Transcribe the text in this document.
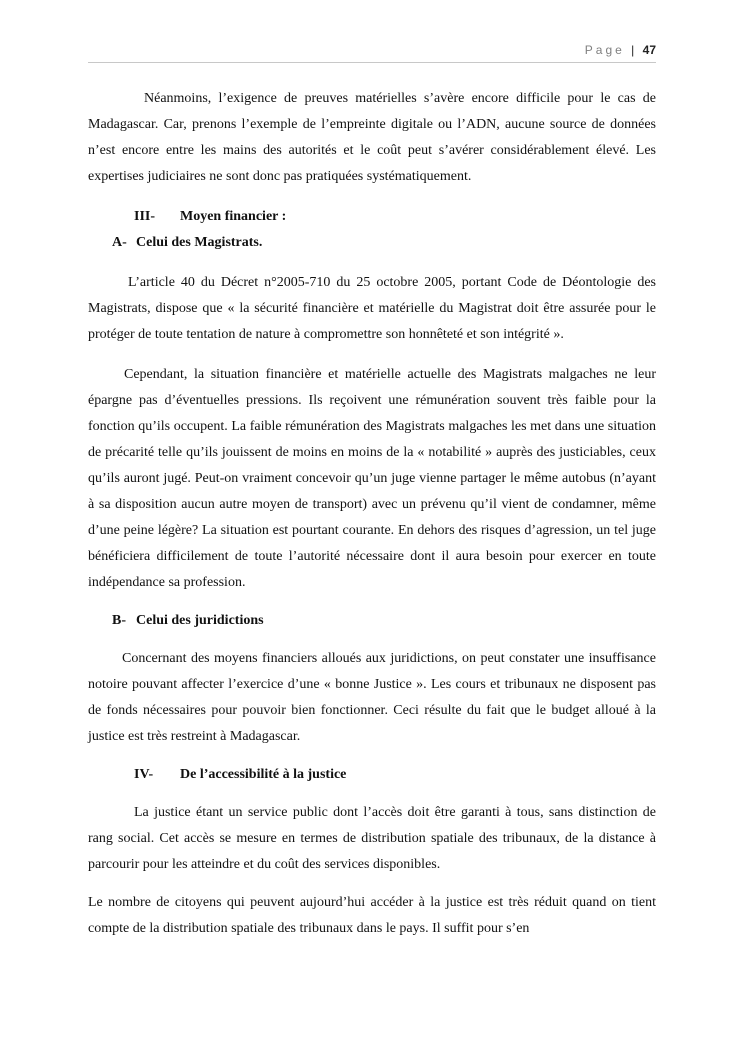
Page | 47

Néanmoins, l’exigence de preuves matérielles s’avère encore difficile pour le cas de Madagascar. Car, prenons l’exemple de l’empreinte digitale ou l’ADN, aucune source de données n’est encore entre les mains des autorités et le coût peut s’avérer considérablement élevé. Les expertises judiciaires ne sont donc pas pratiquées systématiquement.

III- Moyen financier :
A- Celui des Magistrats.

L’article 40 du Décret n°2005-710 du 25 octobre 2005, portant Code de Déontologie des Magistrats, dispose que « la sécurité financière et matérielle du Magistrat doit être assurée pour le protéger de toute tentation de nature à compromettre son honnêteté et son intégrité ».

Cependant, la situation financière et matérielle actuelle des Magistrats malgaches ne leur épargne pas d’éventuelles pressions. Ils reçoivent une rémunération souvent très faible pour la fonction qu’ils occupent. La faible rémunération des Magistrats malgaches les met dans une situation de précarité telle qu’ils jouissent de moins en moins de la « notabilité » auprès des justiciables, ceux qu’ils auront jugé. Peut-on vraiment concevoir qu’un juge vienne partager le même autobus (n’ayant à sa disposition aucun autre moyen de transport) avec un prévenu qu’il vient de condamner, même d’une peine légère? La situation est pourtant courante. En dehors des risques d’agression, un tel juge bénéficiera difficilement de toute l’autorité nécessaire dont il aura besoin pour exercer en toute indépendance sa profession.

B- Celui des juridictions

Concernant des moyens financiers alloués aux juridictions, on peut constater une insuffisance notoire pouvant affecter l’exercice d’une « bonne Justice ». Les cours et tribunaux ne disposent pas de fonds nécessaires pour pouvoir bien fonctionner. Ceci résulte du fait que le budget alloué à la justice est très restreint à Madagascar.

IV- De l’accessibilité à la justice

La justice étant un service public dont l’accès doit être garanti à tous, sans distinction de rang social. Cet accès se mesure en termes de distribution spatiale des tribunaux, de la distance à parcourir pour les atteindre et du coût des services disponibles.

Le nombre de citoyens qui peuvent aujourd’hui accéder à la justice est très réduit quand on tient compte de la distribution spatiale des tribunaux dans le pays. Il suffit pour s’en
